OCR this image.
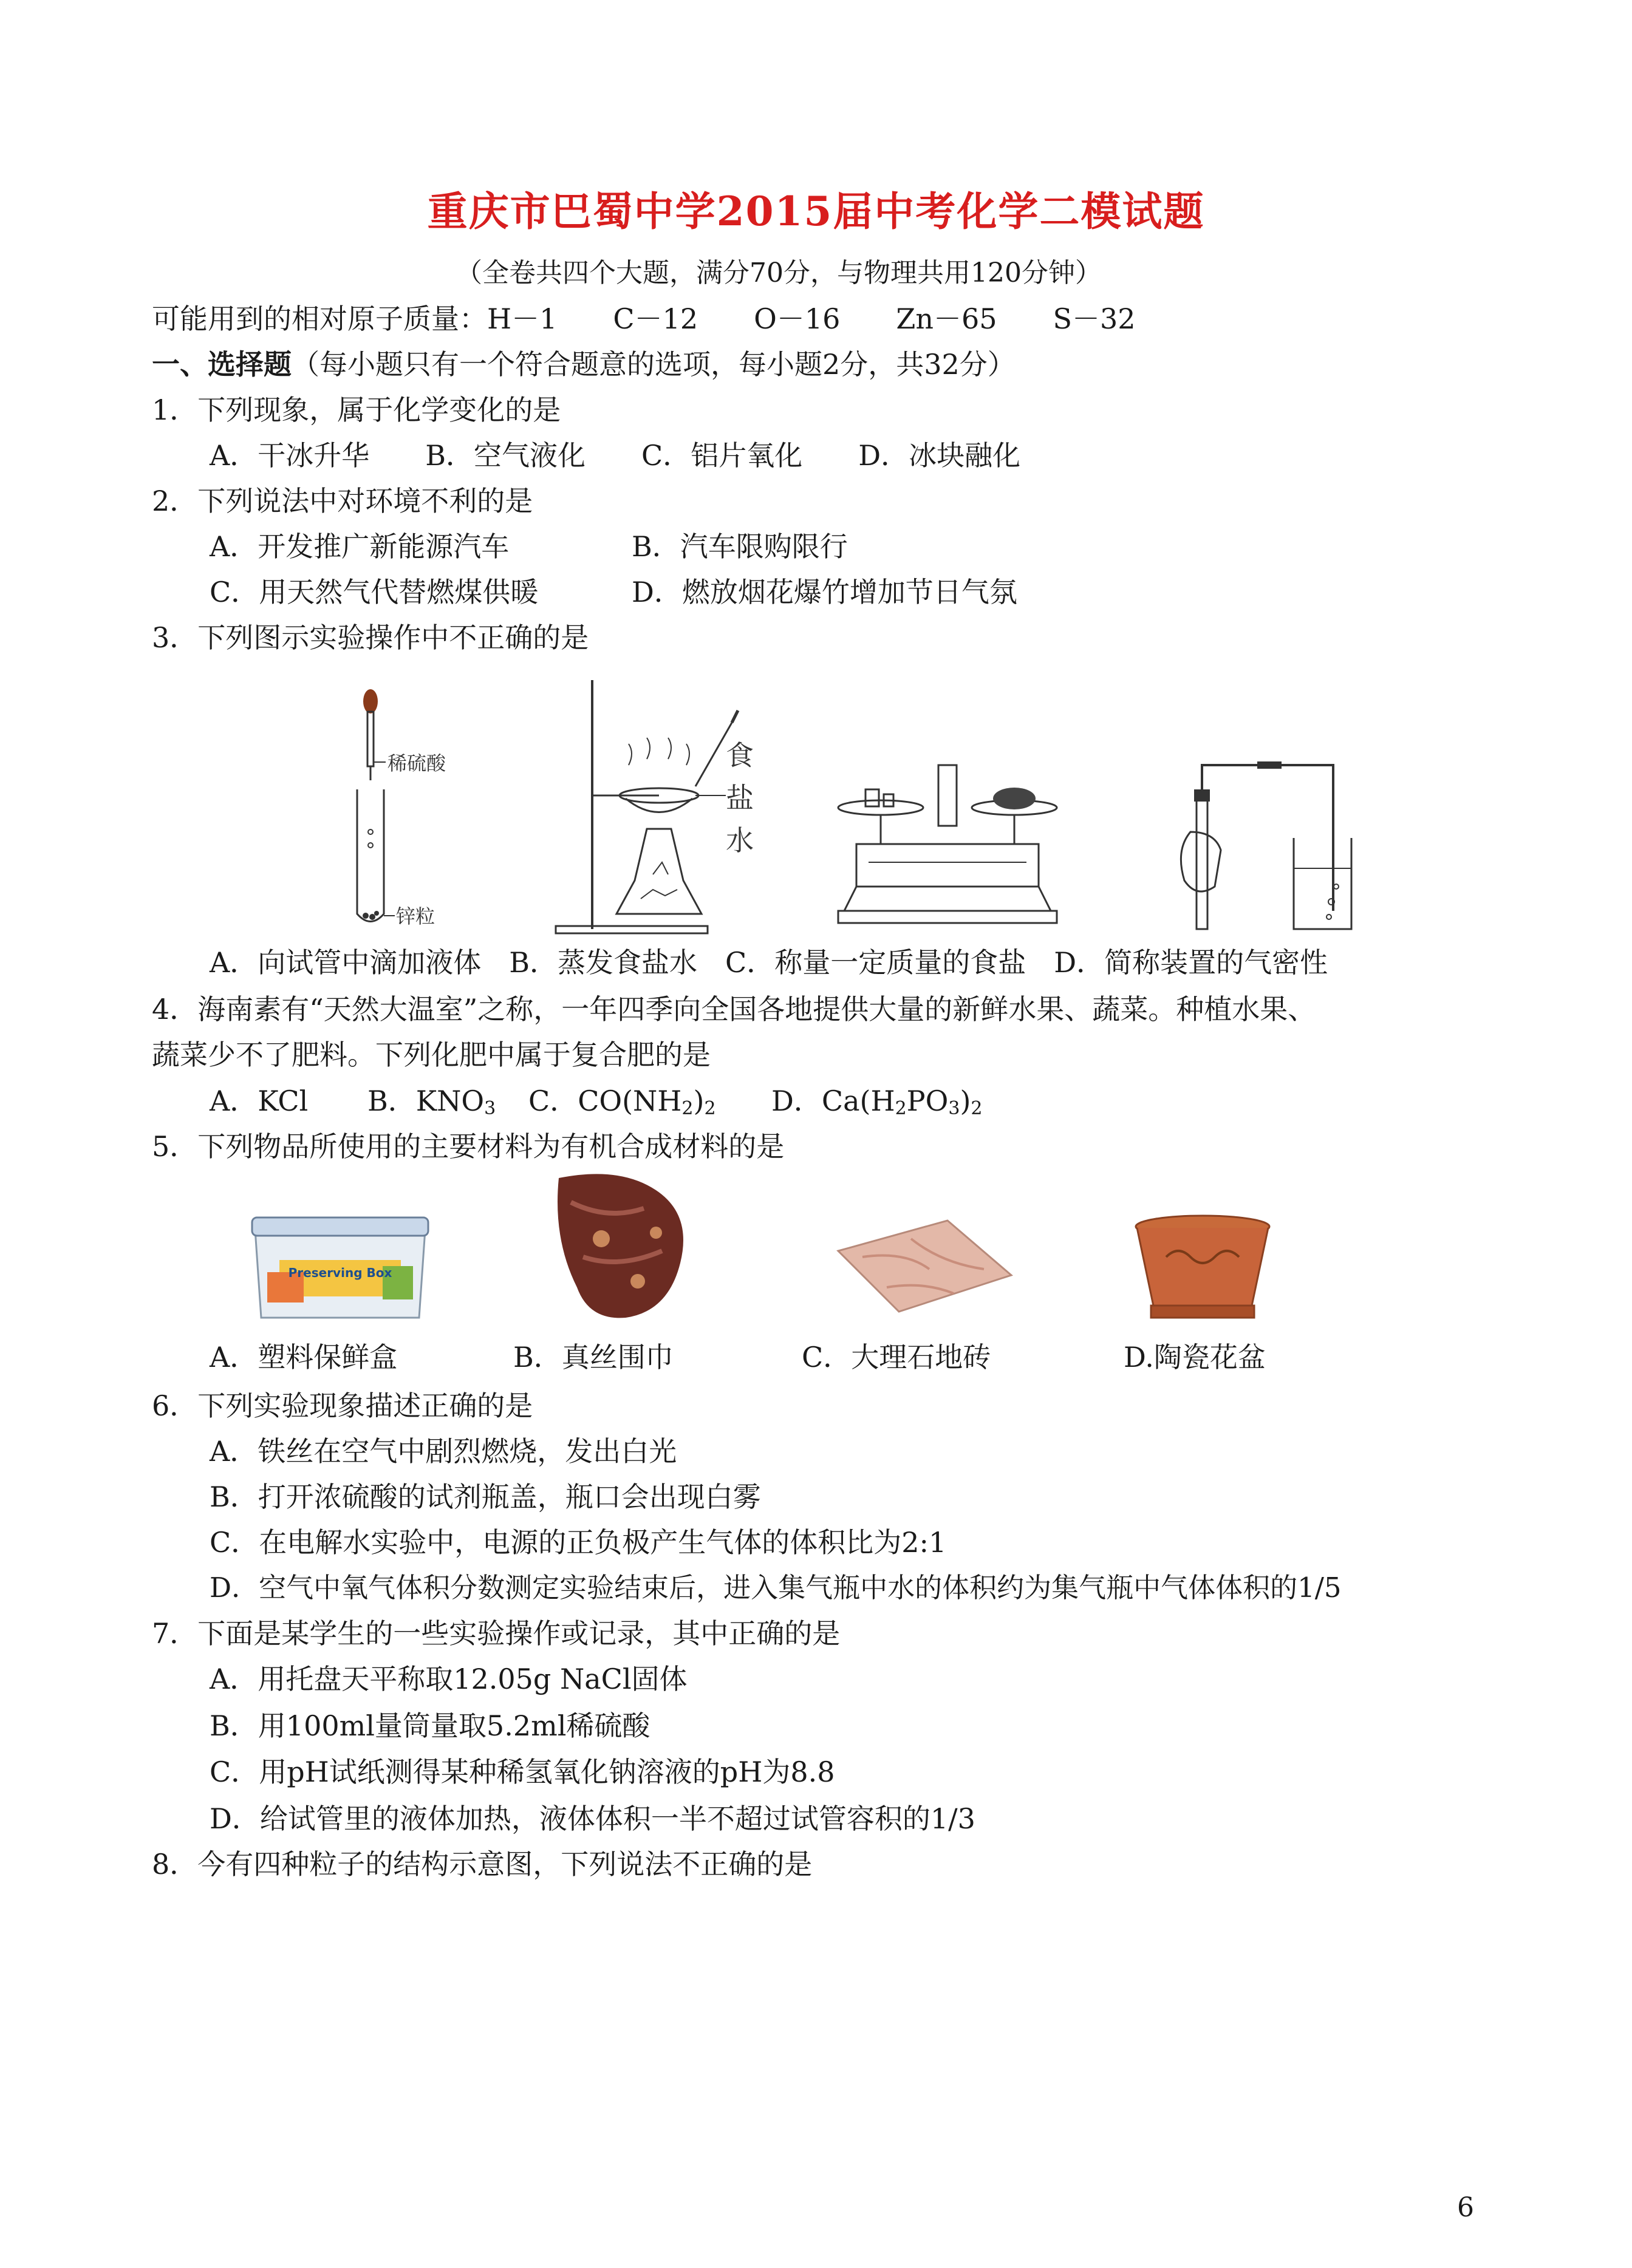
重庆市巴蜀中学2015届中考化学二模试题
（全卷共四个大题，满分70分，与物理共用120分钟）
可能用到的相对原子质量：H－1　　C－12　　O－16　　Zn－65　　S－32
一、选择题（每小题只有一个符合题意的选项，每小题2分，共32分）
1．下列现象，属于化学变化的是
A．干冰升华　　B．空气液化　　C．铝片氧化　　D．冰块融化
2．下列说法中对环境不利的是
A．开发推广新能源汽车	B．汽车限购限行
C．用天然气代替燃煤供暖	D．燃放烟花爆竹增加节日气氛
3．下列图示实验操作中不正确的是
稀硫酸
锌粒
食
盐
水
A．向试管中滴加液体　B．蒸发食盐水　C．称量一定质量的食盐　D．简称装置的气密性
4．海南素有“天然大温室”之称，一年四季向全国各地提供大量的新鲜水果、蔬菜。种植水果、
蔬菜少不了肥料。下列化肥中属于复合肥的是
A．KCl B．$KNO_3$ C．$CO(NH_2)_2$ D．$Ca(H_2PO_3)_2$
5．下列物品所使用的主要材料为有机合成材料的是
Preserving Box
A．塑料保鲜盒	B．真丝围巾	C．大理石地砖	D.陶瓷花盆
6．下列实验现象描述正确的是
A．铁丝在空气中剧烈燃烧，发出白光
B．打开浓硫酸的试剂瓶盖，瓶口会出现白雾
C．在电解水实验中，电源的正负极产生气体的体积比为2:1
D．空气中氧气体积分数测定实验结束后，进入集气瓶中水的体积约为集气瓶中气体体积的1/5
7．下面是某学生的一些实验操作或记录，其中正确的是
A．用托盘天平称取12.05g NaCl固体
B．用100ml量筒量取5.2ml稀硫酸
C．用pH试纸测得某种稀氢氧化钠溶液的pH为8.8
D．给试管里的液体加热，液体体积一半不超过试管容积的1/3
8．今有四种粒子的结构示意图，下列说法不正确的是
6
